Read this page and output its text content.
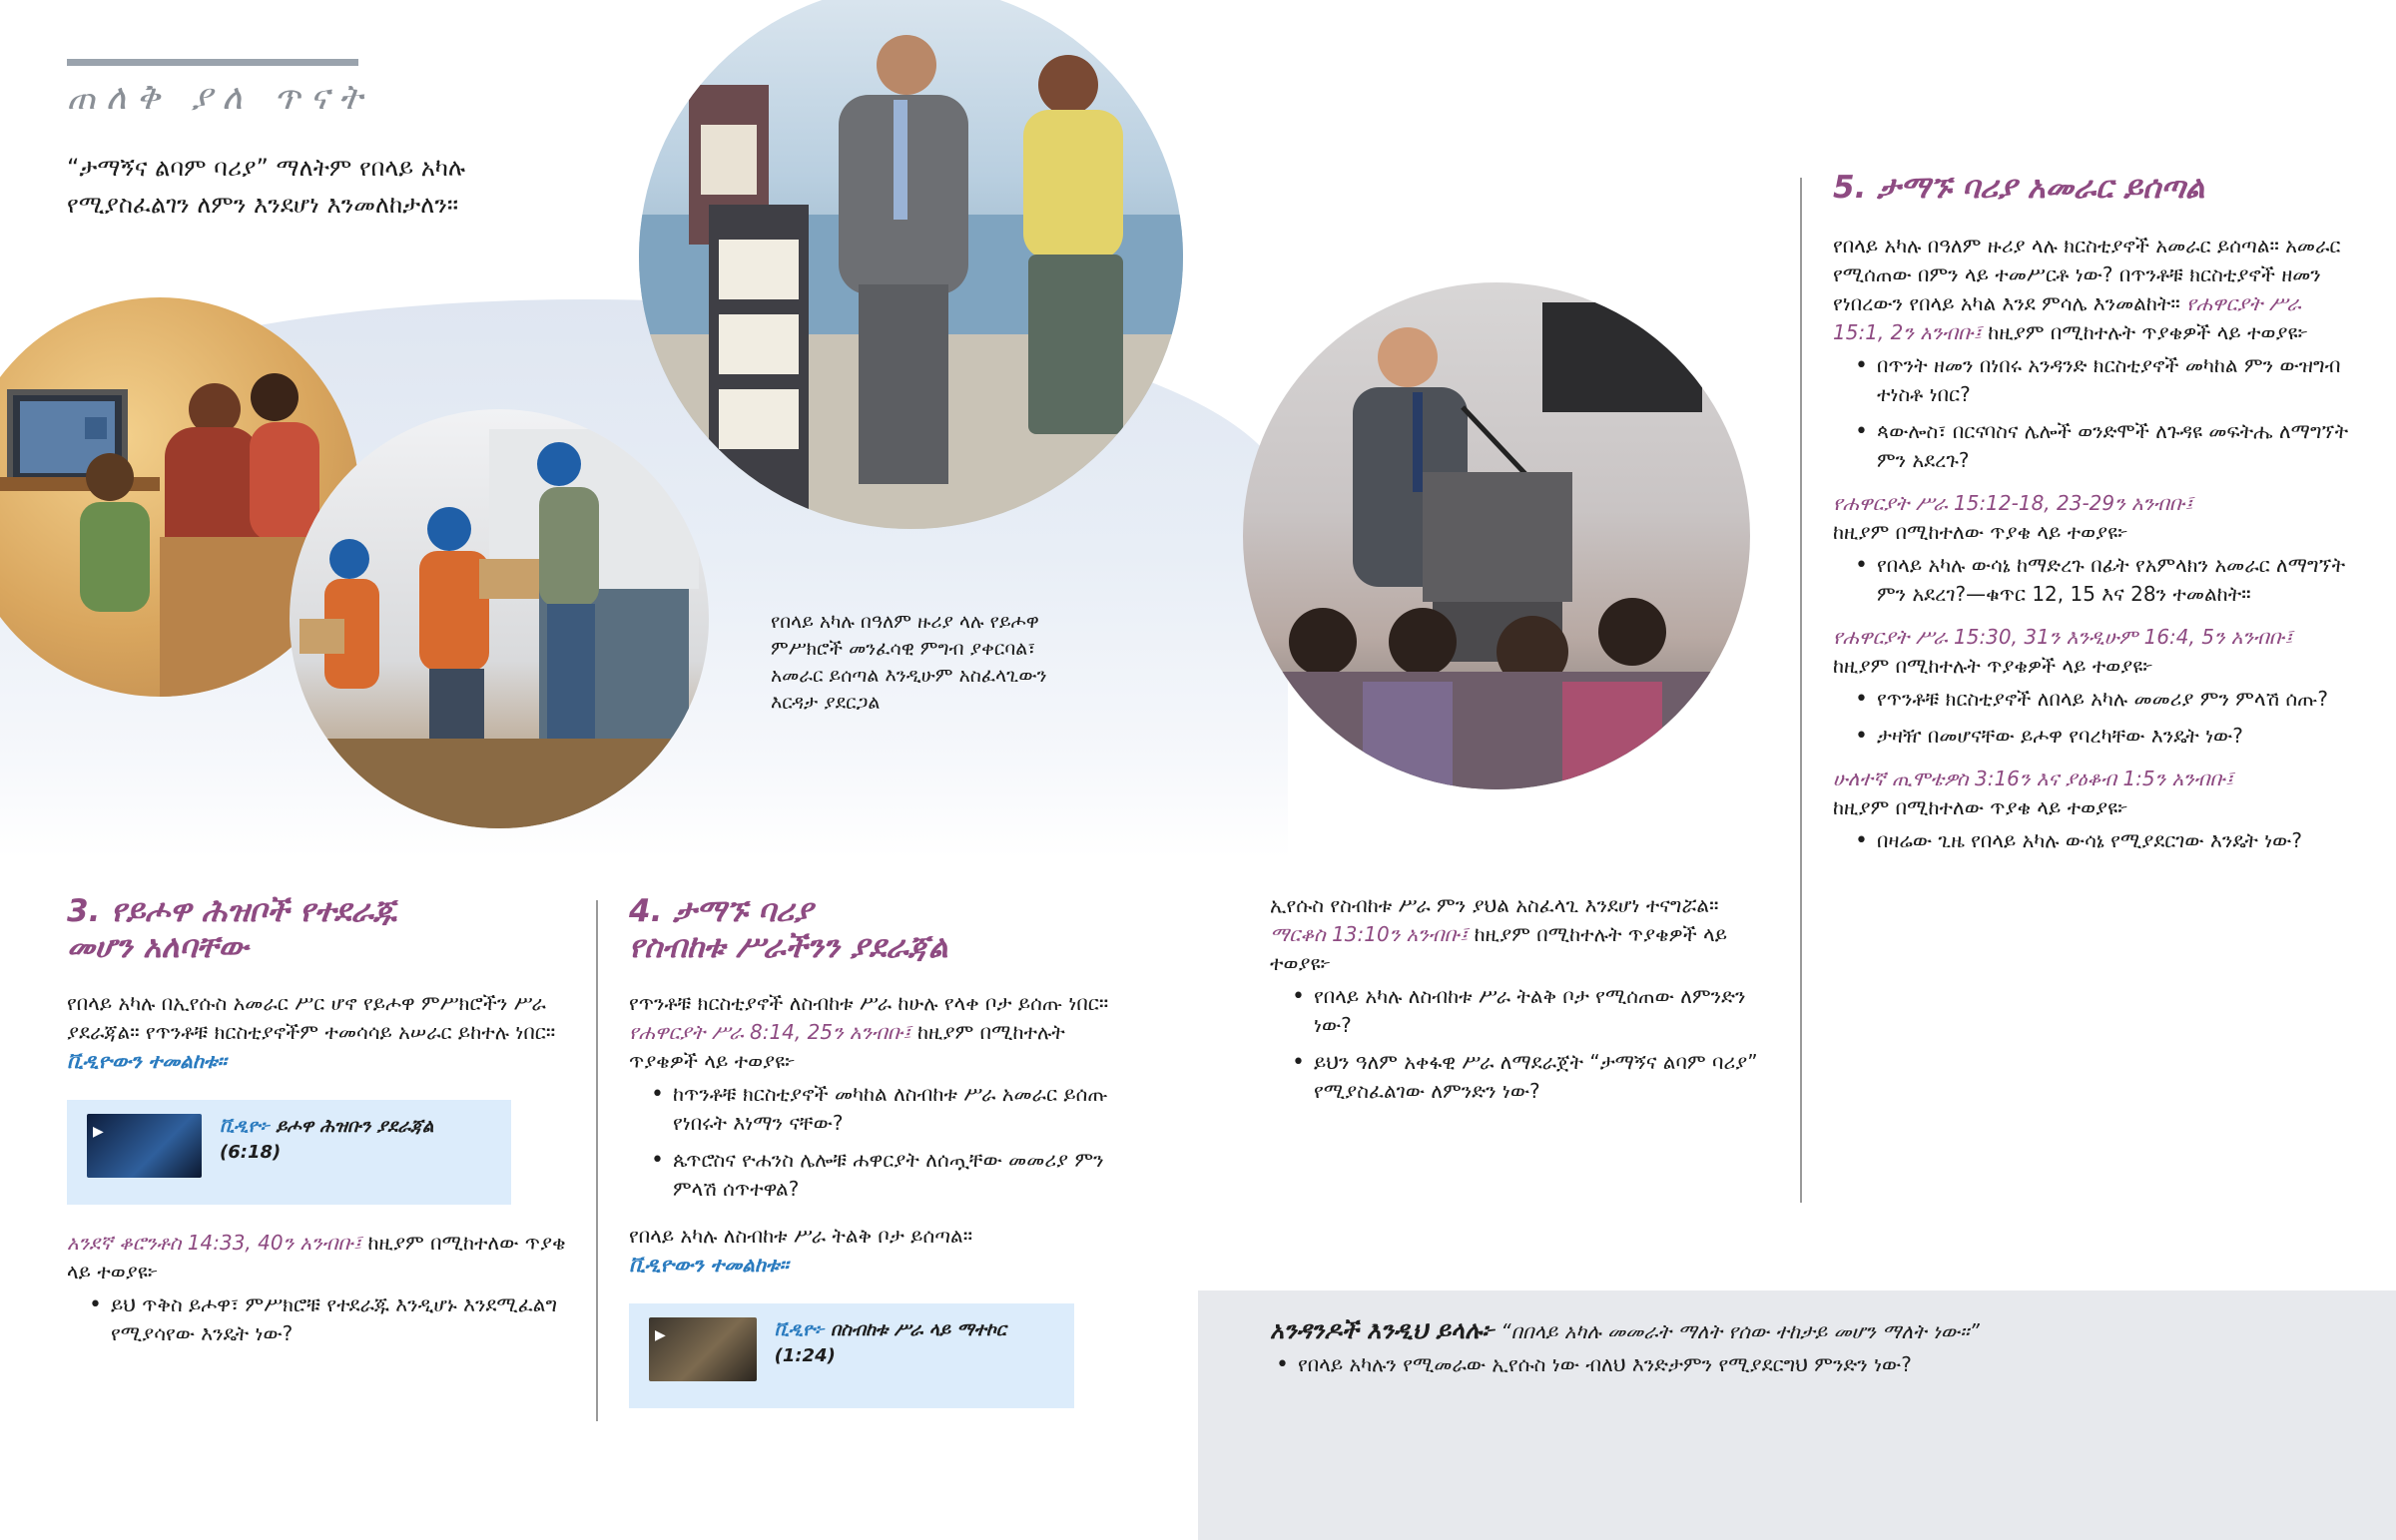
ጠለቅ ያለ ጥናት
“ታማኝና ልባም ባሪያ” ማለትም የበላይ አካሉ የሚያስፈልገን ለምን እንደሆነ እንመለከታለን።
የበላይ አካሉ በዓለም ዙሪያ ላሉ የይሖዋ ምሥክሮች መንፈሳዊ ምግብ ያቀርባል፣ አመራር ይሰጣል እንዲሁም አስፈላጊውን እርዳታ ያደርጋል
3. የይሖዋ ሕዝቦች የተደራጁ
መሆን አለባቸው
የበላይ አካሉ በኢየሱስ አመራር ሥር ሆኖ የይሖዋ ምሥክሮችን ሥራ ያደራጃል። የጥንቶቹ ክርስቲያኖችም ተመሳሳይ አሠራር ይከተሉ ነበር። ቪዲዮውን ተመልከቱ።
▶	ቪዲዮ፦ ይሖዋ ሕዝቡን ያደራጃል
(6:18)
አንደኛ ቆሮንቶስ 14:33, 40ን አንብቡ፤ ከዚያም በሚከተለው ጥያቄ ላይ ተወያዩ፦
• ይህ ጥቅስ ይሖዋ፣ ምሥክሮቹ የተደራጁ እንዲሆኑ እንደሚፈልግ የሚያሳየው እንዴት ነው?
4. ታማኙ ባሪያ
የስብከቱ ሥራችንን ያደራጃል
የጥንቶቹ ክርስቲያኖች ለስብከቱ ሥራ ከሁሉ የላቀ ቦታ ይሰጡ ነበር። የሐዋርያት ሥራ 8:14, 25ን አንብቡ፤ ከዚያም በሚከተሉት ጥያቄዎች ላይ ተወያዩ፦
• ከጥንቶቹ ክርስቲያኖች መካከል ለስብከቱ ሥራ አመራር ይሰጡ የነበሩት እነማን ናቸው?
• ጴጥሮስና ዮሐንስ ሌሎቹ ሐዋርያት ለሰጧቸው መመሪያ ምን ምላሽ ሰጥተዋል?
የበላይ አካሉ ለስብከቱ ሥራ ትልቅ ቦታ ይሰጣል።
ቪዲዮውን ተመልከቱ።
▶	ቪዲዮ፦ በስብከቱ ሥራ ላይ ማተኮር (1:24)
ኢየሱስ የስብከቱ ሥራ ምን ያህል አስፈላጊ እንደሆነ ተናግሯል። ማርቆስ 13:10ን አንብቡ፤ ከዚያም በሚከተሉት ጥያቄዎች ላይ ተወያዩ፦
• የበላይ አካሉ ለስብከቱ ሥራ ትልቅ ቦታ የሚሰጠው ለምንድን ነው?
• ይህን ዓለም አቀፋዊ ሥራ ለማደራጀት “ታማኝና ልባም ባሪያ” የሚያስፈልገው ለምንድን ነው?
5. ታማኙ ባሪያ አመራር ይሰጣል
የበላይ አካሉ በዓለም ዙሪያ ላሉ ክርስቲያኖች አመራር ይሰጣል። አመራር የሚሰጠው በምን ላይ ተመሥርቶ ነው? በጥንቶቹ ክርስቲያኖች ዘመን የነበረውን የበላይ አካል እንደ ምሳሌ እንመልከት። የሐዋርያት ሥራ 15:1, 2ን አንብቡ፤ ከዚያም በሚከተሉት ጥያቄዎች ላይ ተወያዩ፦
• በጥንት ዘመን በነበሩ አንዳንድ ክርስቲያኖች መካከል ምን ውዝግብ ተነስቶ ነበር?
• ጳውሎስ፣ በርናባስና ሌሎች ወንድሞች ለጉዳዩ መፍትሔ ለማግኘት ምን አደረጉ?
የሐዋርያት ሥራ 15:12-18, 23-29ን አንብቡ፤
ከዚያም በሚከተለው ጥያቄ ላይ ተወያዩ፦
• የበላይ አካሉ ውሳኔ ከማድረጉ በፊት የአምላክን አመራር ለማግኘት ምን አደረገ?—ቁጥር 12, 15 እና 28ን ተመልከት።
የሐዋርያት ሥራ 15:30, 31ን እንዲሁም 16:4, 5ን አንብቡ፤ ከዚያም በሚከተሉት ጥያቄዎች ላይ ተወያዩ፦
• የጥንቶቹ ክርስቲያኖች ለበላይ አካሉ መመሪያ ምን ምላሽ ሰጡ?
• ታዛዥ በመሆናቸው ይሖዋ የባረካቸው እንዴት ነው?
ሁለተኛ ጢሞቴዎስ 3:16ን እና ያዕቆብ 1:5ን አንብቡ፤
ከዚያም በሚከተለው ጥያቄ ላይ ተወያዩ፦
• በዛሬው ጊዜ የበላይ አካሉ ውሳኔ የሚያደርገው እንዴት ነው?
አንዳንዶች እንዲህ ይላሉ፦ “በበላይ አካሉ መመራት ማለት የሰው ተከታይ መሆን ማለት ነው።”
• የበላይ አካሉን የሚመራው ኢየሱስ ነው ብለህ እንድታምን የሚያደርግህ ምንድን ነው?
